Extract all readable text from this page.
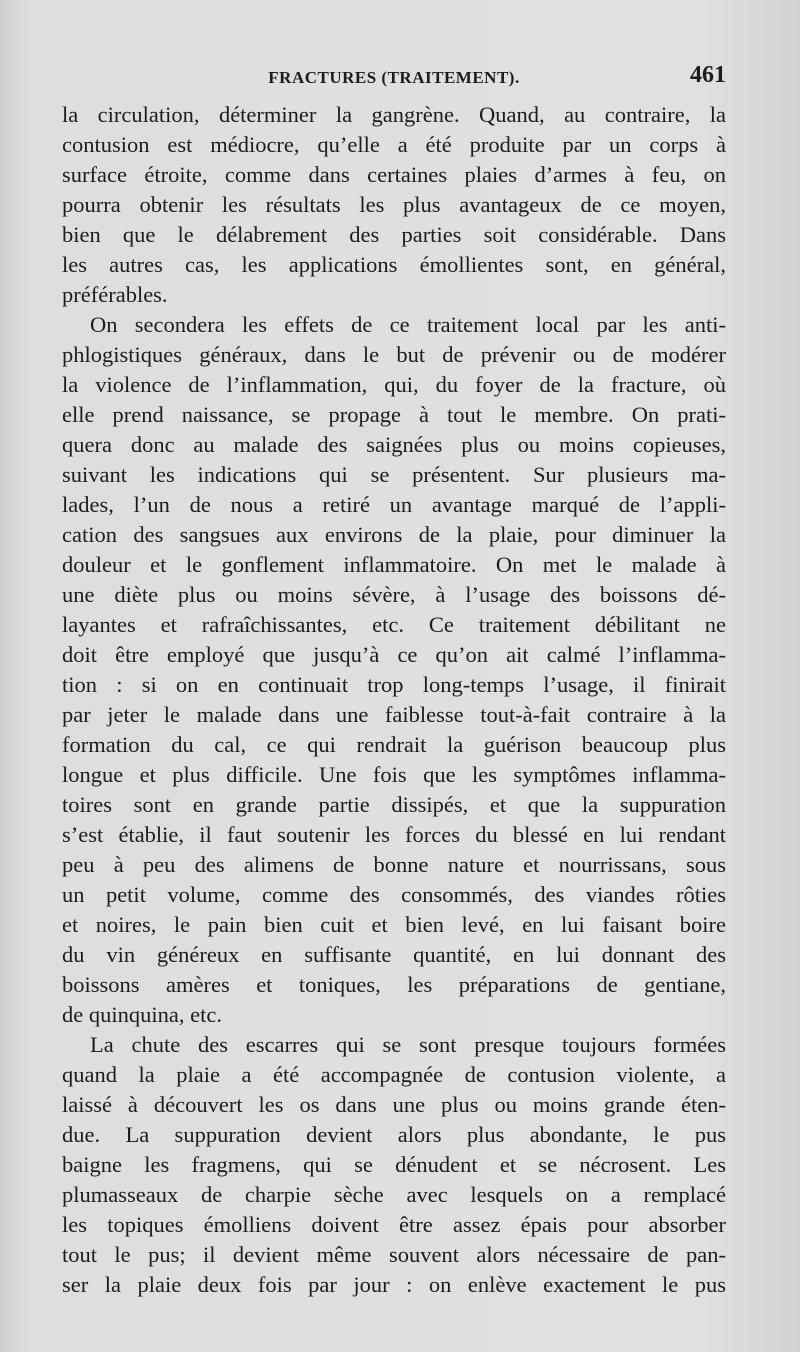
FRACTURES (TRAITEMENT).	461
la circulation, déterminer la gangrène. Quand, au contraire, la
contusion est médiocre, qu’elle a été produite par un corps à
surface étroite, comme dans certaines plaies d’armes à feu, on
pourra obtenir les résultats les plus avantageux de ce moyen,
bien que le délabrement des parties soit considérable. Dans
les autres cas, les applications émollientes sont, en général,
préférables.
On secondera les effets de ce traitement local par les anti-
phlogistiques généraux, dans le but de prévenir ou de modérer
la violence de l’inflammation, qui, du foyer de la fracture, où
elle prend naissance, se propage à tout le membre. On prati-
quera donc au malade des saignées plus ou moins copieuses,
suivant les indications qui se présentent. Sur plusieurs ma-
lades, l’un de nous a retiré un avantage marqué de l’appli-
cation des sangsues aux environs de la plaie, pour diminuer la
douleur et le gonflement inflammatoire. On met le malade à
une diète plus ou moins sévère, à l’usage des boissons dé-
layantes et rafraîchissantes, etc. Ce traitement débilitant ne
doit être employé que jusqu’à ce qu’on ait calmé l’inflamma-
tion : si on en continuait trop long-temps l’usage, il finirait
par jeter le malade dans une faiblesse tout-à-fait contraire à la
formation du cal, ce qui rendrait la guérison beaucoup plus
longue et plus difficile. Une fois que les symptômes inflamma-
toires sont en grande partie dissipés, et que la suppuration
s’est établie, il faut soutenir les forces du blessé en lui rendant
peu à peu des alimens de bonne nature et nourrissans, sous
un petit volume, comme des consommés, des viandes rôties
et noires, le pain bien cuit et bien levé, en lui faisant boire
du vin généreux en suffisante quantité, en lui donnant des
boissons amères et toniques, les préparations de gentiane,
de quinquina, etc.
La chute des escarres qui se sont presque toujours formées
quand la plaie a été accompagnée de contusion violente, a
laissé à découvert les os dans une plus ou moins grande éten-
due. La suppuration devient alors plus abondante, le pus
baigne les fragmens, qui se dénudent et se nécrosent. Les
plumasseaux de charpie sèche avec lesquels on a remplacé
les topiques émolliens doivent être assez épais pour absorber
tout le pus; il devient même souvent alors nécessaire de pan-
ser la plaie deux fois par jour : on enlève exactement le pus
